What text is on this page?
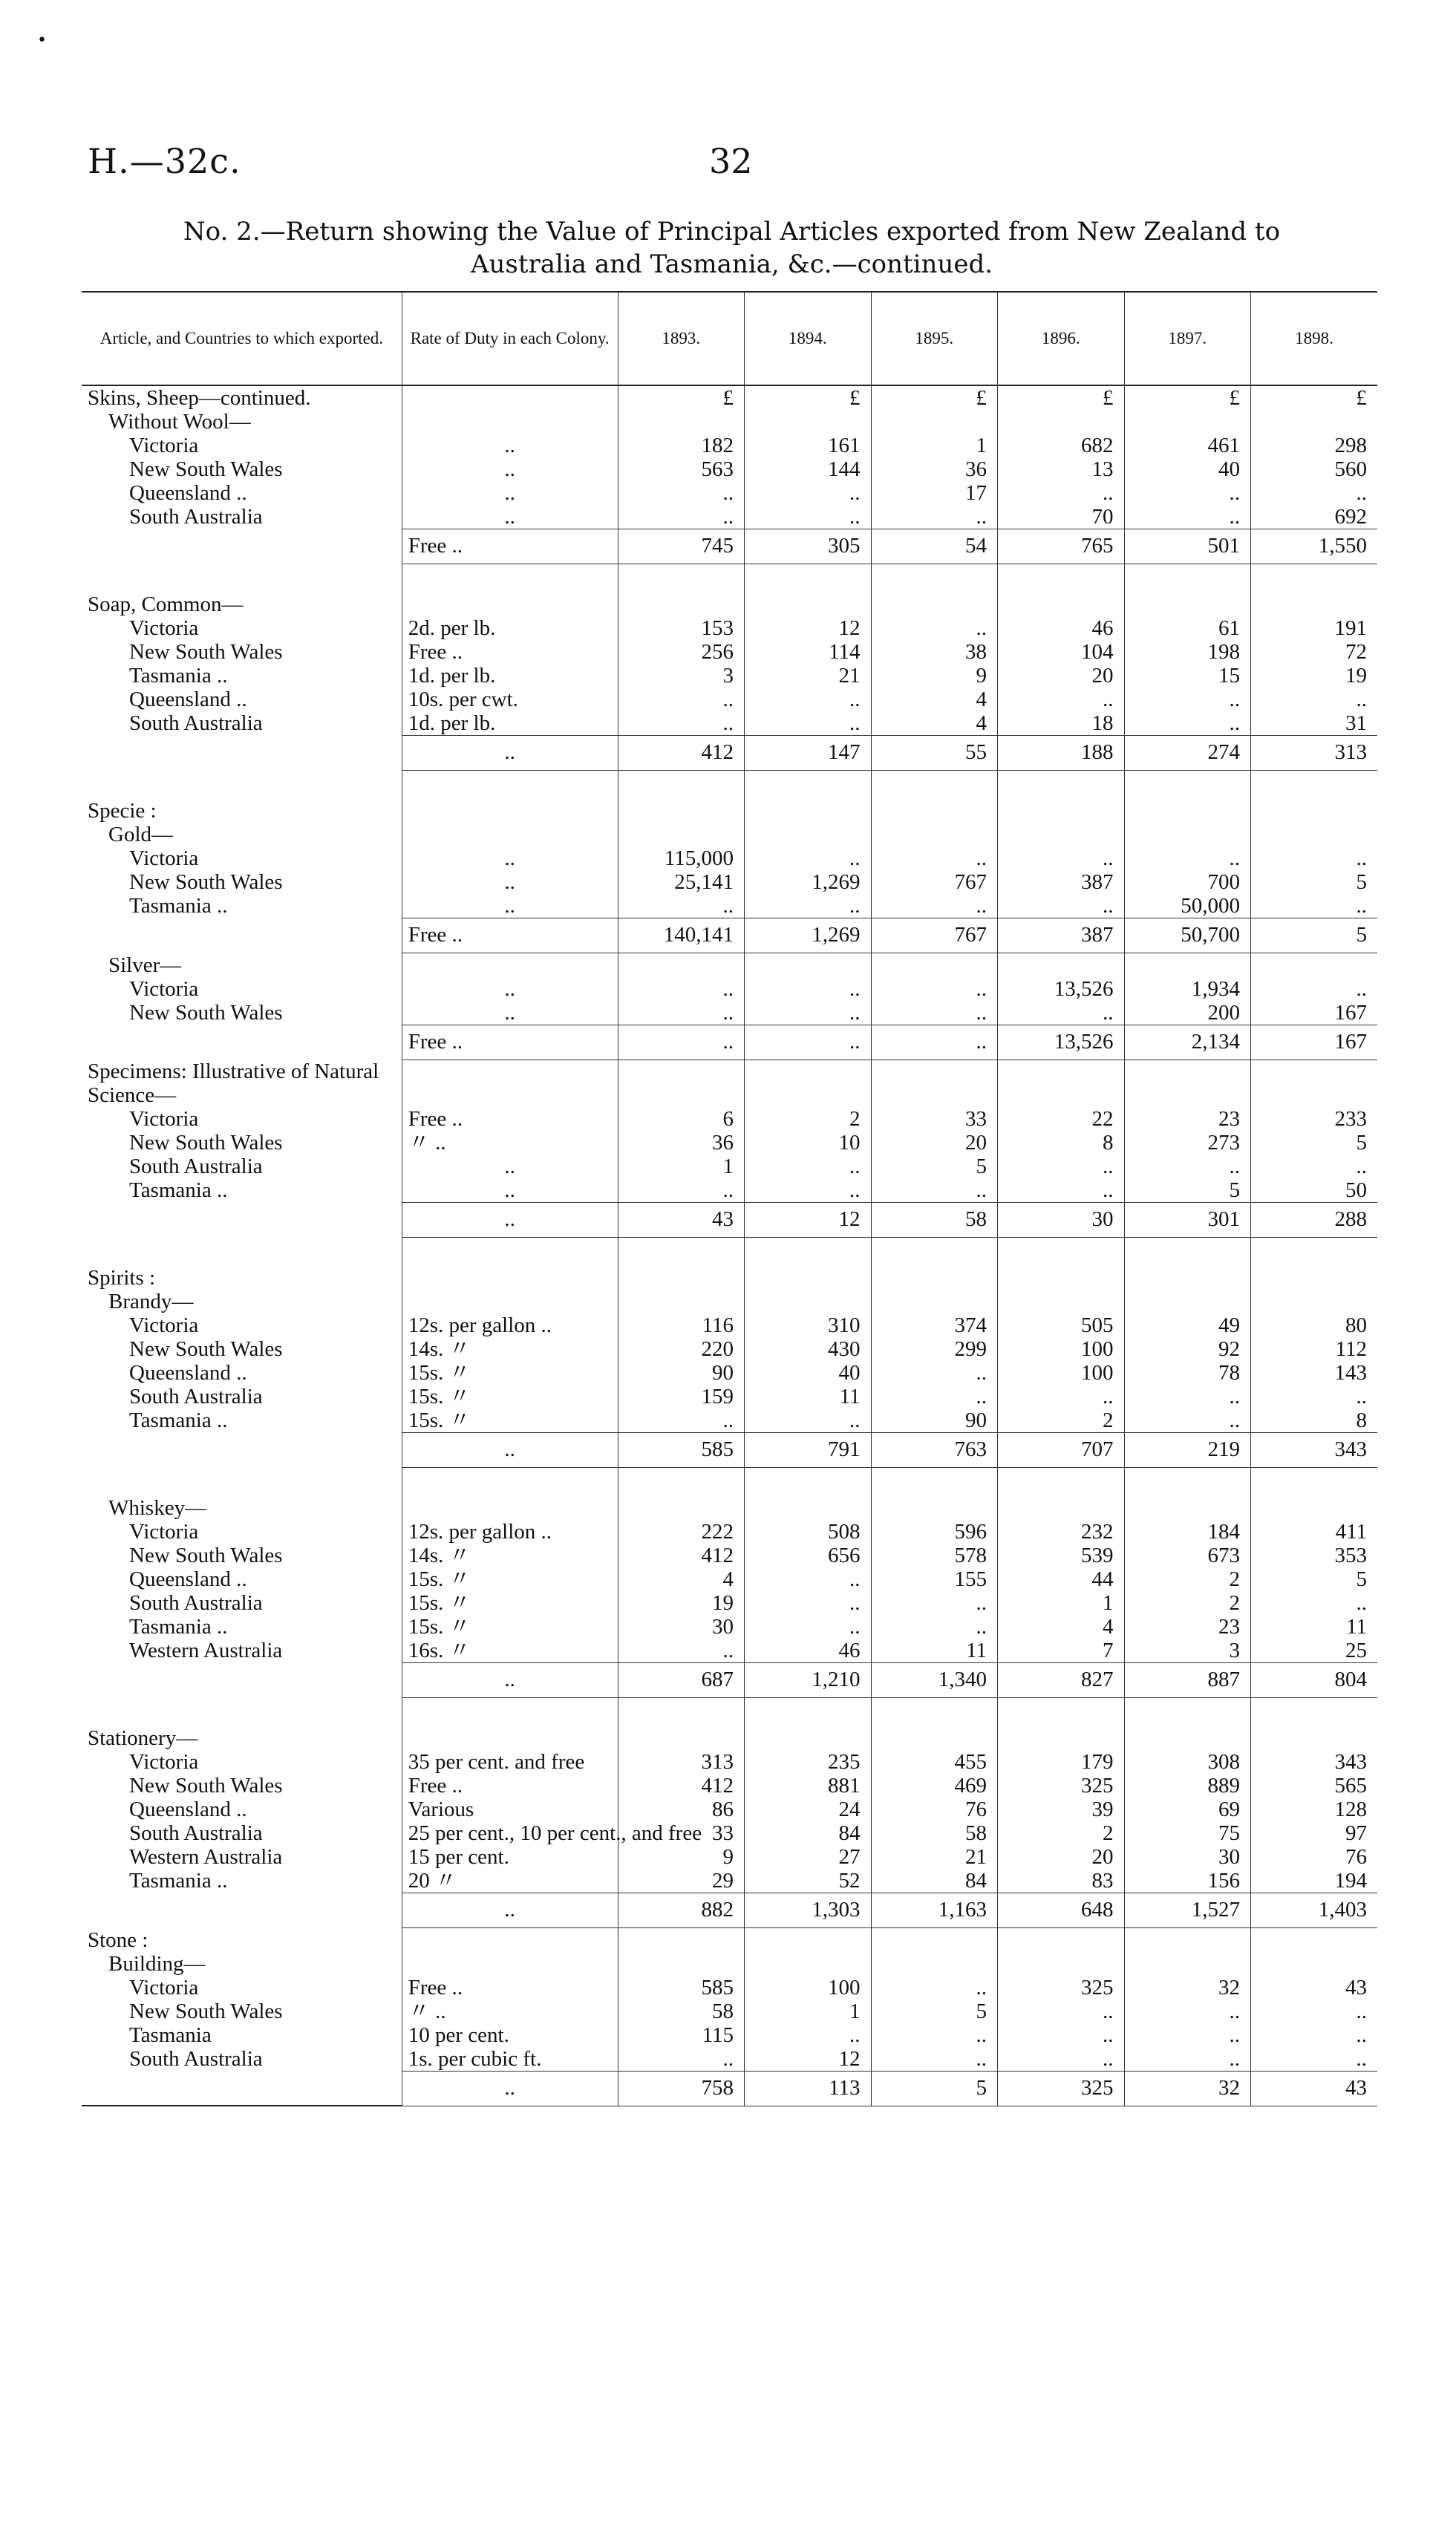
•
H.—32c.	32
No. 2.—Return showing the Value of Principal Articles exported from New Zealand to
Australia and Tasmania, &c.—continued.
Article, and Countries to which exported.	Rate of Duty in each Colony.	1893.	1894.	1895.	1896.	1897.	1898.
Skins, Sheep—continued.		£	£	£	£	£	£
Without Wool—							
Victoria	..	182	161	1	682	461	298
New South Wales	..	563	144	36	13	40	560
Queensland ..	..	..	..	17	..	..	..
South Australia	..	..	..	..	70	..	692
	Free ..	745	305	54	765	501	1,550

Soap, Common—							
Victoria	2d. per lb.	153	12	..	46	61	191
New South Wales	Free ..	256	114	38	104	198	72
Tasmania ..	1d. per lb.	3	21	9	20	15	19
Queensland ..	10s. per cwt.	..	..	4	..	..	..
South Australia	1d. per lb.	..	..	4	18	..	31
	..	412	147	55	188	274	313

Specie :							
Gold—							
Victoria	..	115,000	..	..	..	..	..
New South Wales	..	25,141	1,269	767	387	700	5
Tasmania ..	..	..	..	..	..	50,000	..
	Free ..	140,141	1,269	767	387	50,700	5
Silver—							
Victoria	..	..	..	..	13,526	1,934	..
New South Wales	..	..	..	..	..	200	167
	Free ..	..	..	..	13,526	2,134	167
Specimens: Illustrative of Natural Science—							
Victoria	Free ..	6	2	33	22	23	233
New South Wales	〃 ..	36	10	20	8	273	5
South Australia	..	1	..	5	..	..	..
Tasmania ..	..	..	..	..	..	5	50
	..	43	12	58	30	301	288

Spirits :							
Brandy—							
Victoria	12s. per gallon ..	116	310	374	505	49	80
New South Wales	14s. 〃	220	430	299	100	92	112
Queensland ..	15s. 〃	90	40	..	100	78	143
South Australia	15s. 〃	159	11	..	..	..	..
Tasmania ..	15s. 〃	..	..	90	2	..	8
	..	585	791	763	707	219	343

Whiskey—							
Victoria	12s. per gallon ..	222	508	596	232	184	411
New South Wales	14s. 〃	412	656	578	539	673	353
Queensland ..	15s. 〃	4	..	155	44	2	5
South Australia	15s. 〃	19	..	..	1	2	..
Tasmania ..	15s. 〃	30	..	..	4	23	11
Western Australia	16s. 〃	..	46	11	7	3	25
	..	687	1,210	1,340	827	887	804

Stationery—							
Victoria	35 per cent. and free	313	235	455	179	308	343
New South Wales	Free ..	412	881	469	325	889	565
Queensland ..	Various	86	24	76	39	69	128
South Australia	25 per cent., 10 per cent., and free	33	84	58	2	75	97
Western Australia	15 per cent.	9	27	21	20	30	76
Tasmania ..	20 〃	29	52	84	83	156	194
	..	882	1,303	1,163	648	1,527	1,403
Stone :							
Building—							
Victoria	Free ..	585	100	..	325	32	43
New South Wales	〃 ..	58	1	5	..	..	..
Tasmania	10 per cent.	115	..	..	..	..	..
South Australia	1s. per cubic ft.	..	12	..	..	..	..
	..	758	113	5	325	32	43
